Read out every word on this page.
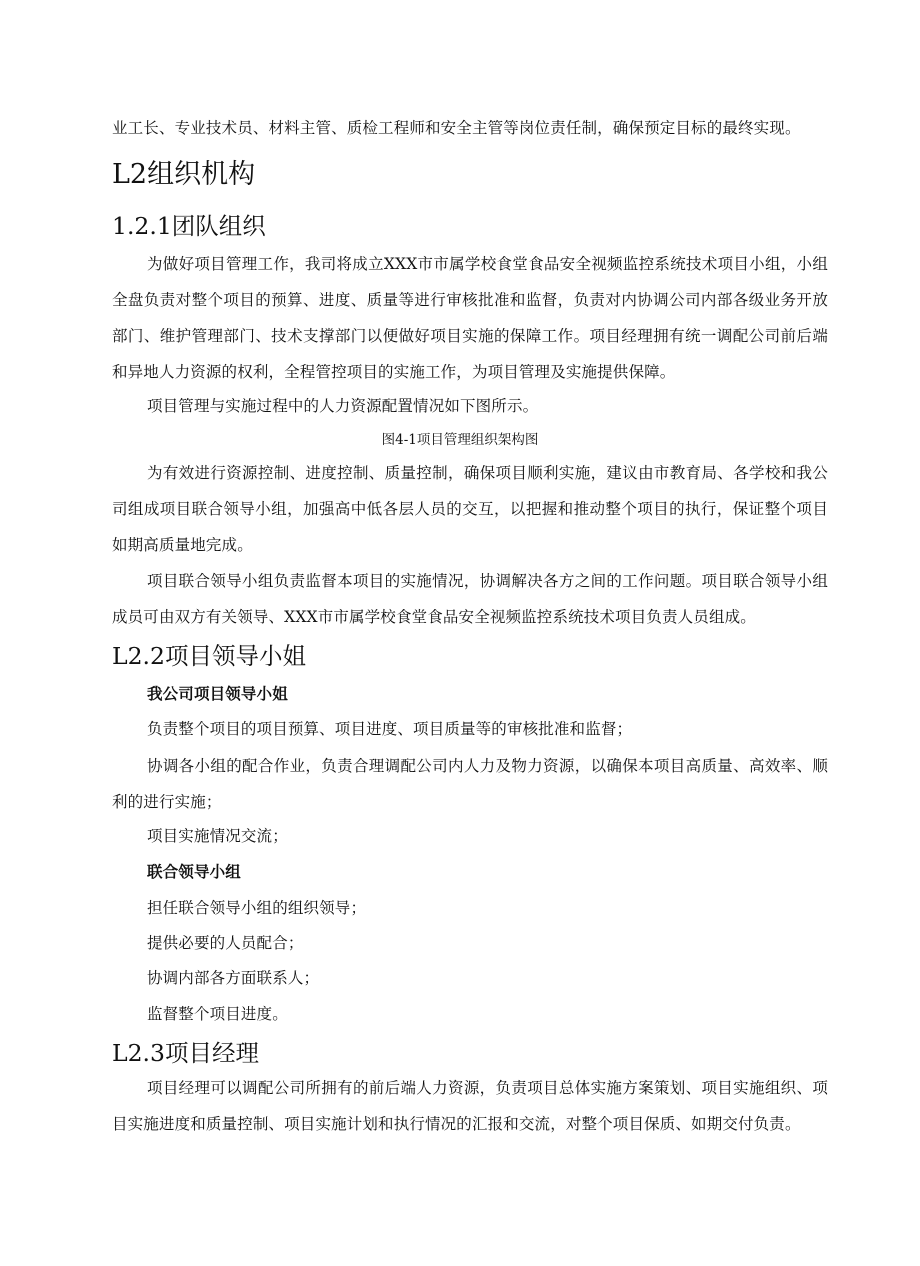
业工长、专业技术员、材料主管、质检工程师和安全主管等岗位责任制，确保预定目标的最终实现。

L2组织机构
1.2.1团队组织

为做好项目管理工作，我司将成立XXX市市属学校食堂食品安全视频监控系统技术项目小组，小组全盘负责对整个项目的预算、进度、质量等进行审核批准和监督，负责对内协调公司内部各级业务开放部门、维护管理部门、技术支撑部门以便做好项目实施的保障工作。项目经理拥有统一调配公司前后端和异地人力资源的权利，全程管控项目的实施工作，为项目管理及实施提供保障。

项目管理与实施过程中的人力资源配置情况如下图所示。

图4-1项目管理组织架构图

为有效进行资源控制、进度控制、质量控制，确保项目顺利实施，建议由市教育局、各学校和我公司组成项目联合领导小组，加强高中低各层人员的交互，以把握和推动整个项目的执行，保证整个项目如期高质量地完成。

项目联合领导小组负责监督本项目的实施情况，协调解决各方之间的工作问题。项目联合领导小组成员可由双方有关领导、XXX市市属学校食堂食品安全视频监控系统技术项目负责人员组成。

L2.2项目领导小姐

我公司项目领导小姐

负责整个项目的项目预算、项目进度、项目质量等的审核批准和监督；

协调各小组的配合作业，负责合理调配公司内人力及物力资源，以确保本项目高质量、高效率、顺利的进行实施；

项目实施情况交流；

联合领导小组

担任联合领导小组的组织领导；

提供必要的人员配合；

协调内部各方面联系人；

监督整个项目进度。

L2.3项目经理

项目经理可以调配公司所拥有的前后端人力资源，负责项目总体实施方案策划、项目实施组织、项目实施进度和质量控制、项目实施计划和执行情况的汇报和交流，对整个项目保质、如期交付负责。
